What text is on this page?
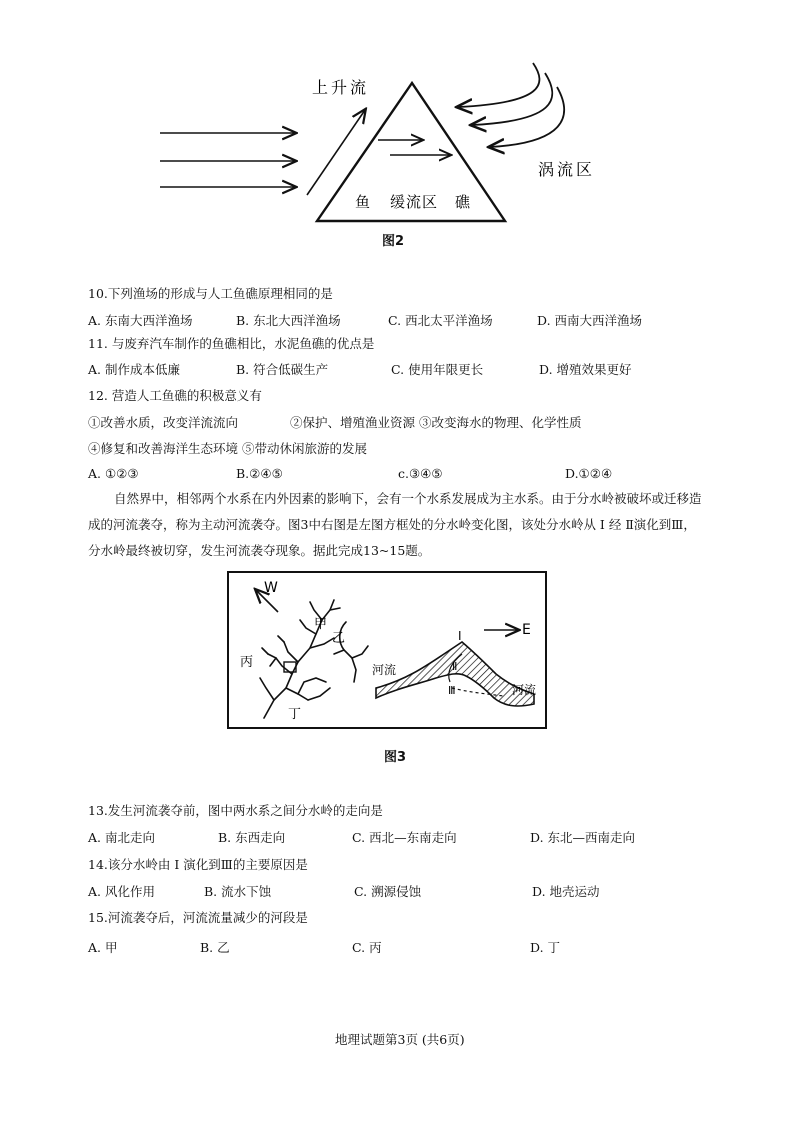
上升流
涡流区
鱼 缓流区 礁
图2
10.下列渔场的形成与人工鱼礁原理相同的是
A. 东南大西洋渔场	B. 东北大西洋渔场	C. 西北太平洋渔场	D. 西南大西洋渔场
11. 与废弃汽车制作的鱼礁相比，水泥鱼礁的优点是
A. 制作成本低廉	B. 符合低碳生产	C. 使用年限更长	D. 增殖效果更好
12. 营造人工鱼礁的积极意义有
①改善水质，改变洋流流向	②保护、增殖渔业资源 ③改变海水的物理、化学性质
④修复和改善海洋生态环境 ⑤带动休闲旅游的发展
A. ①②③	B.②④⑤	c.③④⑤	D.①②④
自然界中，相邻两个水系在内外因素的影响下，会有一个水系发展成为主水系。由于分水岭被破坏或迁移造
成的河流袭夺，称为主动河流袭夺。图3中右图是左图方框处的分水岭变化图，该处分水岭从 Ⅰ 经 Ⅱ演化到Ⅲ，
分水岭最终被切穿，发生河流袭夺现象。据此完成13~15题。
E
W
甲
乙
丙
丁
Ⅰ
Ⅱ
Ⅲ
河流
河流
图3
13.发生河流袭夺前，图中两水系之间分水岭的走向是
A. 南北走向	B. 东西走向	C. 西北—东南走向	D. 东北—西南走向
14.该分水岭由 Ⅰ 演化到Ⅲ的主要原因是
A. 风化作用	B. 流水下蚀	C. 溯源侵蚀	D. 地壳运动
15.河流袭夺后，河流流量减少的河段是
A. 甲	B. 乙	C. 丙	D. 丁
地理试题第3页 (共6页)
